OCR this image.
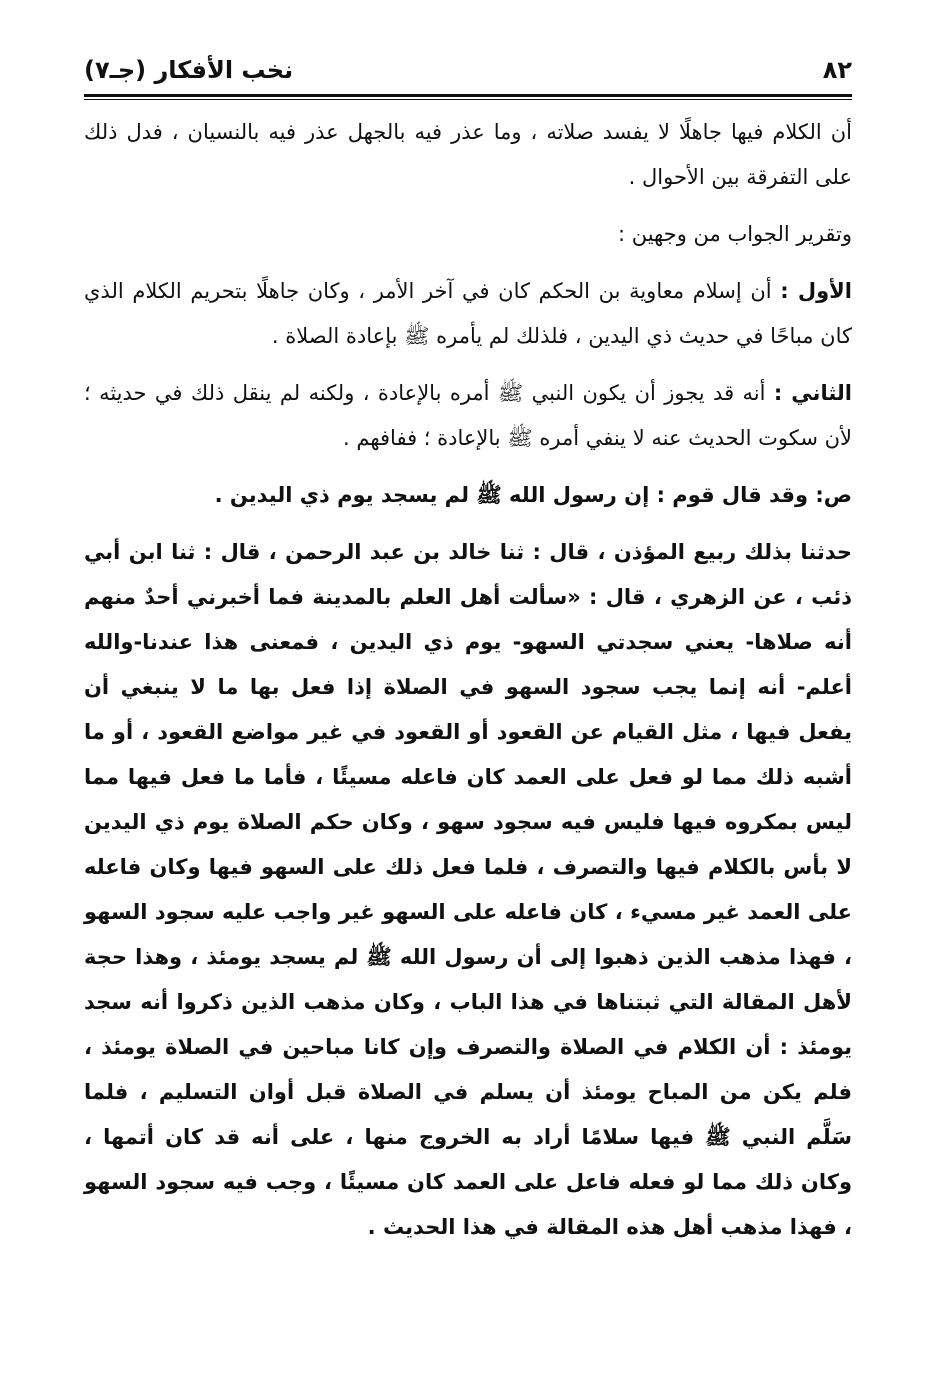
٨٢
نخب الأفكار (جـ٧)

أن الكلام فيها جاهلًا لا يفسد صلاته ، وما عذر فيه بالجهل عذر فيه بالنسيان ، فدل ذلك على التفرقة بين الأحوال .

وتقرير الجواب من وجهين :

الأول : أن إسلام معاوية بن الحكم كان في آخر الأمر ، وكان جاهلًا بتحريم الكلام الذي كان مباحًا في حديث ذي اليدين ، فلذلك لم يأمره ﷺ بإعادة الصلاة .

الثاني : أنه قد يجوز أن يكون النبي ﷺ أمره بالإعادة ، ولكنه لم ينقل ذلك في حديثه ؛ لأن سكوت الحديث عنه لا ينفي أمره ﷺ بالإعادة ؛ ففافهم .

ص: وقد قال قوم : إن رسول الله ﷺ لم يسجد يوم ذي اليدين .

حدثنا بذلك ربيع المؤذن ، قال : ثنا خالد بن عبد الرحمن ، قال : ثنا ابن أبي ذئب ، عن الزهري ، قال : «سألت أهل العلم بالمدينة فما أخبرني أحدٌ منهم أنه صلاها- يعني سجدتي السهو- يوم ذي اليدين ، فمعنى هذا عندنا-والله أعلم- أنه إنما يجب سجود السهو في الصلاة إذا فعل بها ما لا ينبغي أن يفعل فيها ، مثل القيام عن القعود أو القعود في غير مواضع القعود ، أو ما أشبه ذلك مما لو فعل على العمد كان فاعله مسيئًا ، فأما ما فعل فيها مما ليس بمكروه فيها فليس فيه سجود سهو ، وكان حكم الصلاة يوم ذي اليدين لا بأس بالكلام فيها والتصرف ، فلما فعل ذلك على السهو فيها وكان فاعله على العمد غير مسيء ، كان فاعله على السهو غير واجب عليه سجود السهو ، فهذا مذهب الذين ذهبوا إلى أن رسول الله ﷺ لم يسجد يومئذ ، وهذا حجة لأهل المقالة التي ثبتناها في هذا الباب ، وكان مذهب الذين ذكروا أنه سجد يومئذ : أن الكلام في الصلاة والتصرف وإن كانا مباحين في الصلاة يومئذ ، فلم يكن من المباح يومئذ أن يسلم في الصلاة قبل أوان التسليم ، فلما سَلَّم النبي ﷺ فيها سلامًا أراد به الخروج منها ، على أنه قد كان أتمها ، وكان ذلك مما لو فعله فاعل على العمد كان مسيئًا ، وجب فيه سجود السهو ، فهذا مذهب أهل هذه المقالة في هذا الحديث .
